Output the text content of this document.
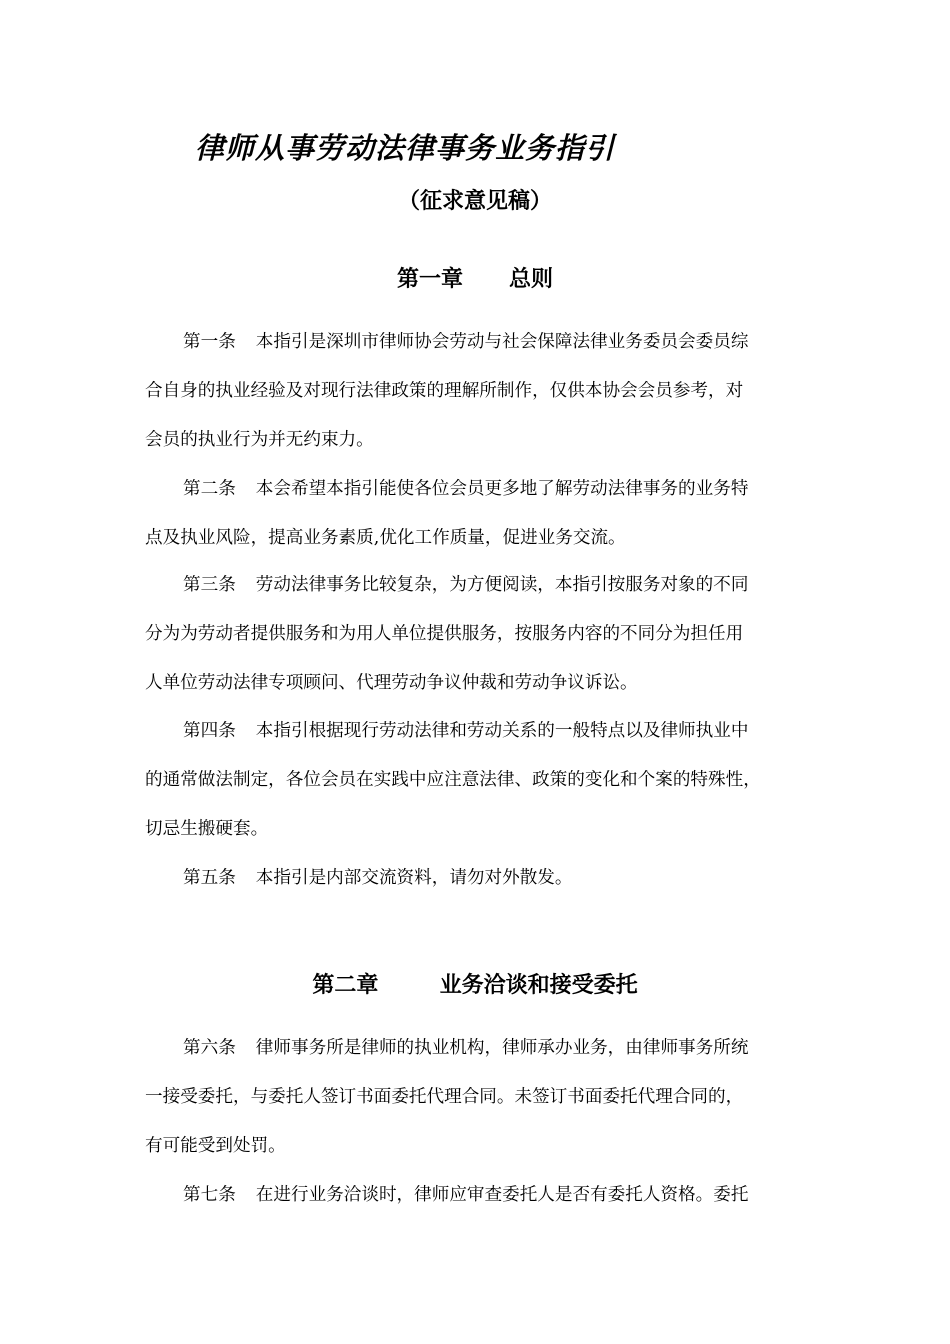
律师从事劳动法律事务业务指引
（征求意见稿）
第一章      总则
第一条 本指引是深圳市律师协会劳动与社会保障法律业务委员会委员综
合自身的执业经验及对现行法律政策的理解所制作，仅供本协会会员参考，对
会员的执业行为并无约束力。
第二条 本会希望本指引能使各位会员更多地了解劳动法律事务的业务特
点及执业风险，提高业务素质,优化工作质量，促进业务交流。
第三条 劳动法律事务比较复杂，为方便阅读，本指引按服务对象的不同
分为为劳动者提供服务和为用人单位提供服务，按服务内容的不同分为担任用
人单位劳动法律专项顾问、代理劳动争议仲裁和劳动争议诉讼。
第四条 本指引根据现行劳动法律和劳动关系的一般特点以及律师执业中
的通常做法制定，各位会员在实践中应注意法律、政策的变化和个案的特殊性，
切忌生搬硬套。
第五条 本指引是内部交流资料，请勿对外散发。
第二章        业务洽谈和接受委托
第六条 律师事务所是律师的执业机构，律师承办业务，由律师事务所统
一接受委托，与委托人签订书面委托代理合同。未签订书面委托代理合同的，
有可能受到处罚。
第七条 在进行业务洽谈时，律师应审查委托人是否有委托人资格。委托
